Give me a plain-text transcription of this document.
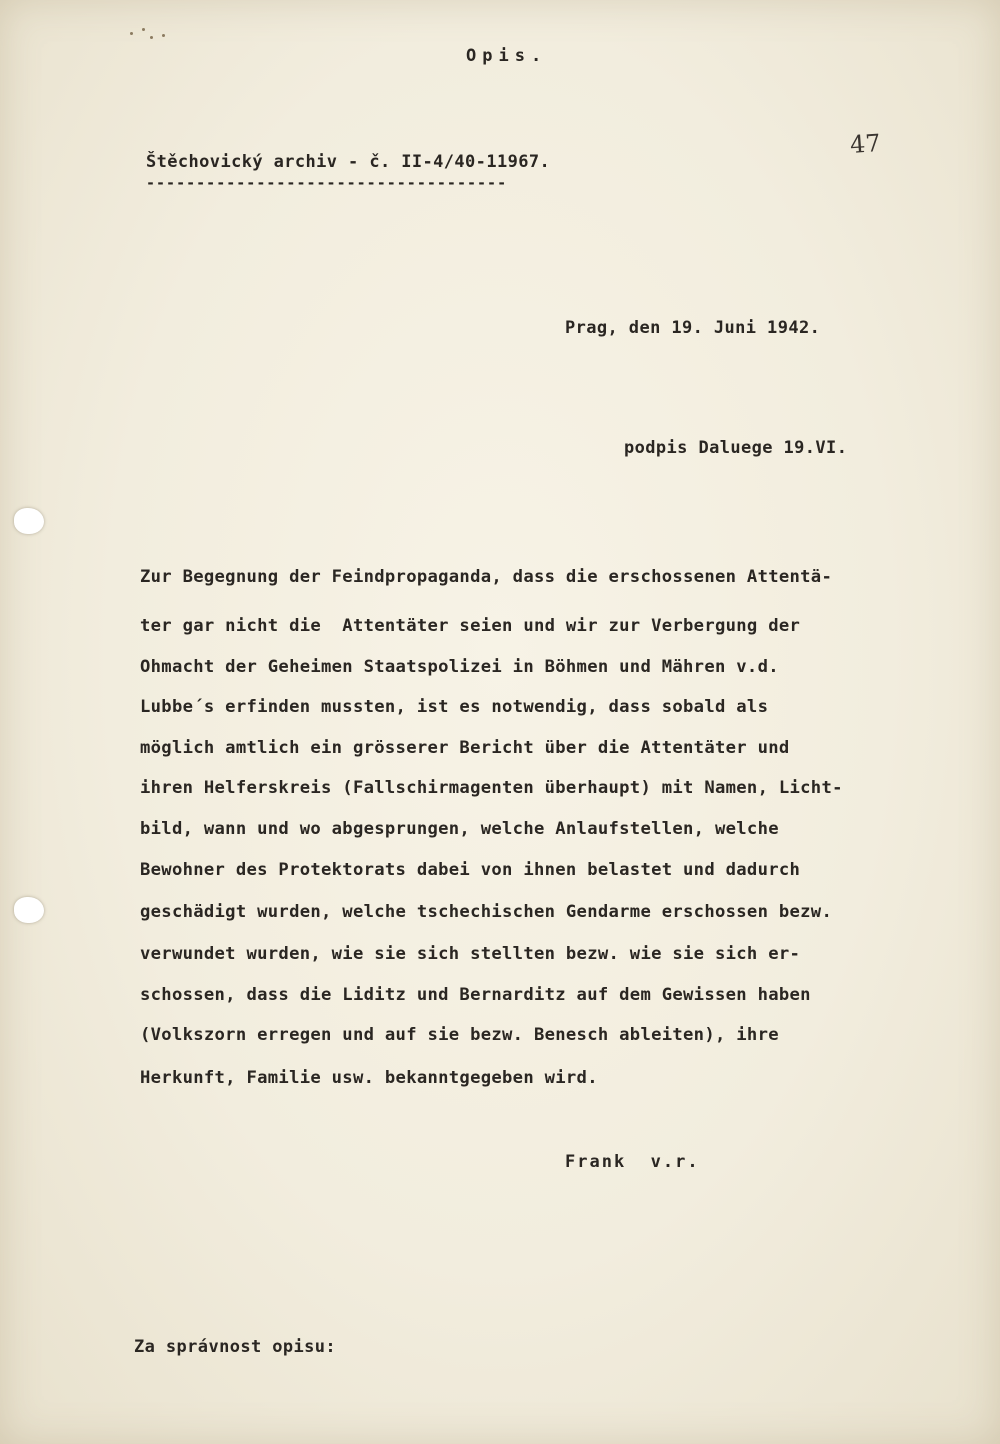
Opis.
47
Štěchovický archiv - č. II-4/40-11967.
------------------------------------
Prag, den 19. Juni 1942.
podpis Daluege 19.VI.
Zur Begegnung der Feindpropaganda, dass die erschossenen Attentä-
ter gar nicht die  Attentäter seien und wir zur Verbergung der
Ohmacht der Geheimen Staatspolizei in Böhmen und Mähren v.d.
Lubbe´s erfinden mussten, ist es notwendig, dass sobald als
möglich amtlich ein grösserer Bericht über die Attentäter und
ihren Helferskreis (Fallschirmagenten überhaupt) mit Namen, Licht-
bild, wann und wo abgesprungen, welche Anlaufstellen, welche
Bewohner des Protektorats dabei von ihnen belastet und dadurch
geschädigt wurden, welche tschechischen Gendarme erschossen bezw.
verwundet wurden, wie sie sich stellten bezw. wie sie sich er-
schossen, dass die Liditz und Bernarditz auf dem Gewissen haben
(Volkszorn erregen und auf sie bezw. Benesch ableiten), ihre
Herkunft, Familie usw. bekanntgegeben wird.
Frank  v.r.
Za správnost opisu:
